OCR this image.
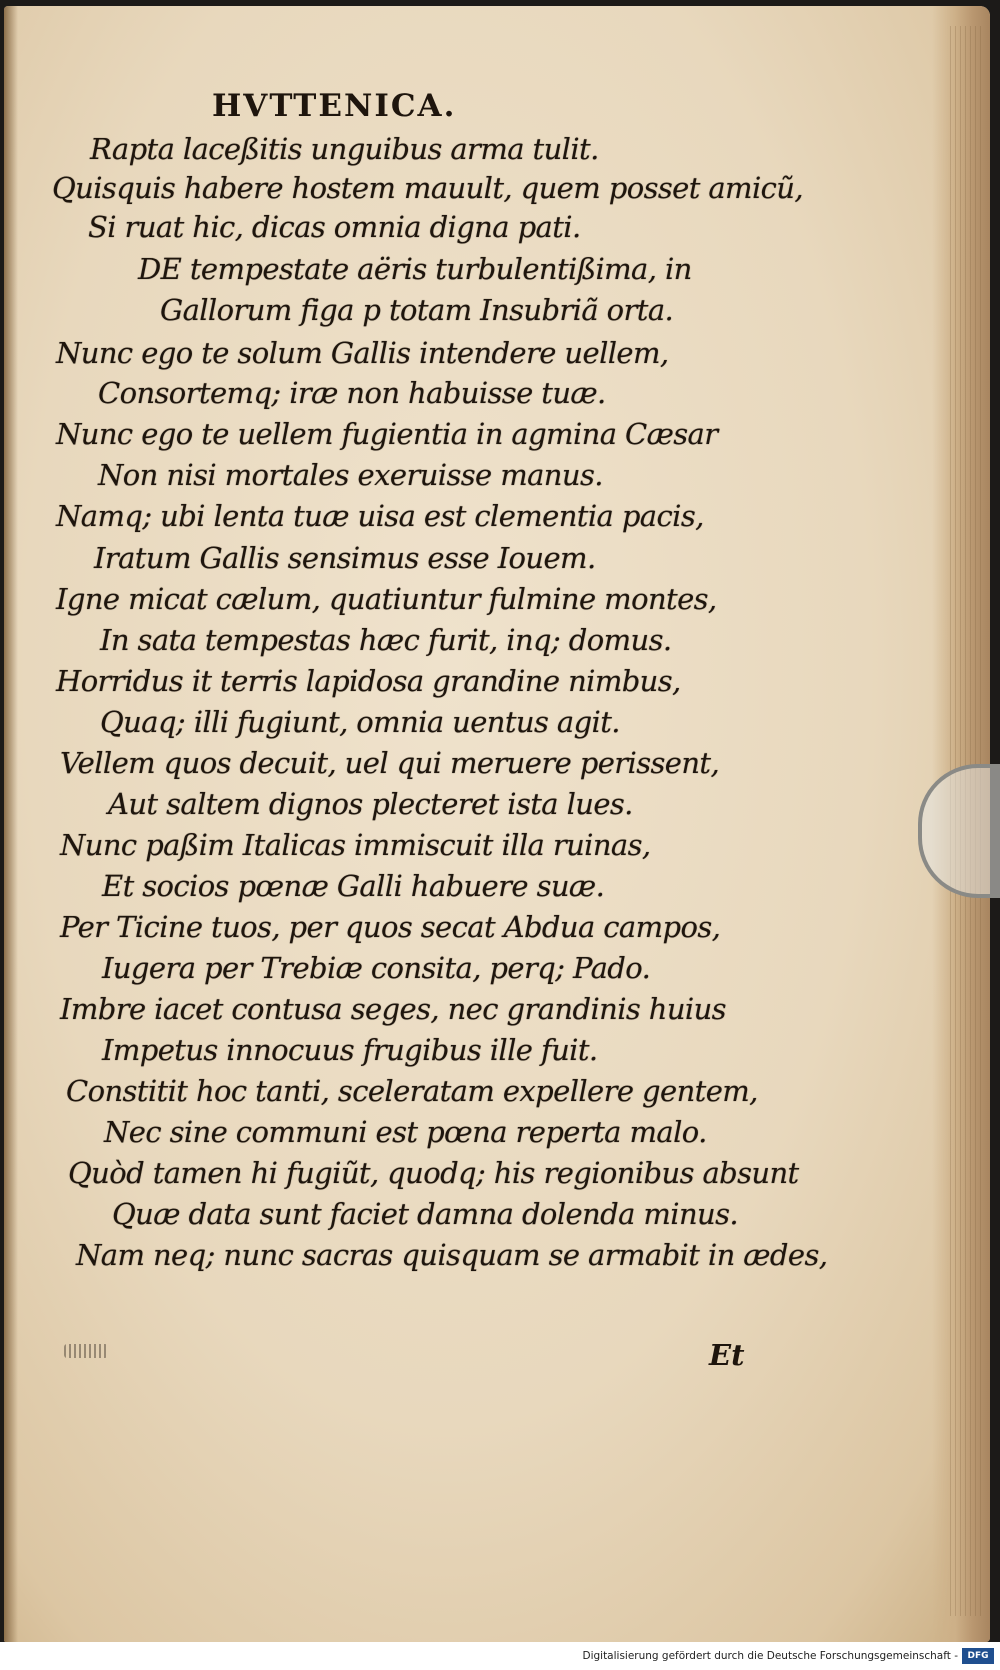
HVTTENICA.
Rapta laceßitis unguibus arma tulit.
Quisquis habere hostem mauult, quem posset amicũ,
Si ruat hic, dicas omnia digna pati.
DE tempestate aëris turbulentißima, in
Gallorum figa p totam Insubriã orta.
Nunc ego te solum Gallis intendere uellem,
Consortemq; iræ non habuisse tuæ.
Nunc ego te uellem fugientia in agmina Cæsar
Non nisi mortales exeruisse manus.
Namq; ubi lenta tuæ uisa est clementia pacis,
Iratum Gallis sensimus esse Iouem.
Igne micat cælum, quatiuntur fulmine montes,
In sata tempestas hæc furit, inq; domus.
Horridus it terris lapidosa grandine nimbus,
Quaq; illi fugiunt, omnia uentus agit.
Vellem quos decuit, uel qui meruere perissent,
Aut saltem dignos plecteret ista lues.
Nunc paßim Italicas immiscuit illa ruinas,
Et socios pœnæ Galli habuere suæ.
Per Ticine tuos, per quos secat Abdua campos,
Iugera per Trebiæ consita, perq; Pado.
Imbre iacet contusa seges, nec grandinis huius
Impetus innocuus frugibus ille fuit.
Constitit hoc tanti, sceleratam expellere gentem,
Nec sine communi est pœna reperta malo.
Quòd tamen hi fugiũt, quodq; his regionibus absunt
Quæ data sunt faciet damna dolenda minus.
Nam neq; nunc sacras quisquam se armabit in ædes,
Et
Digitalisierung gefördert durch die Deutsche Forschungsgemeinschaft -	DFG
